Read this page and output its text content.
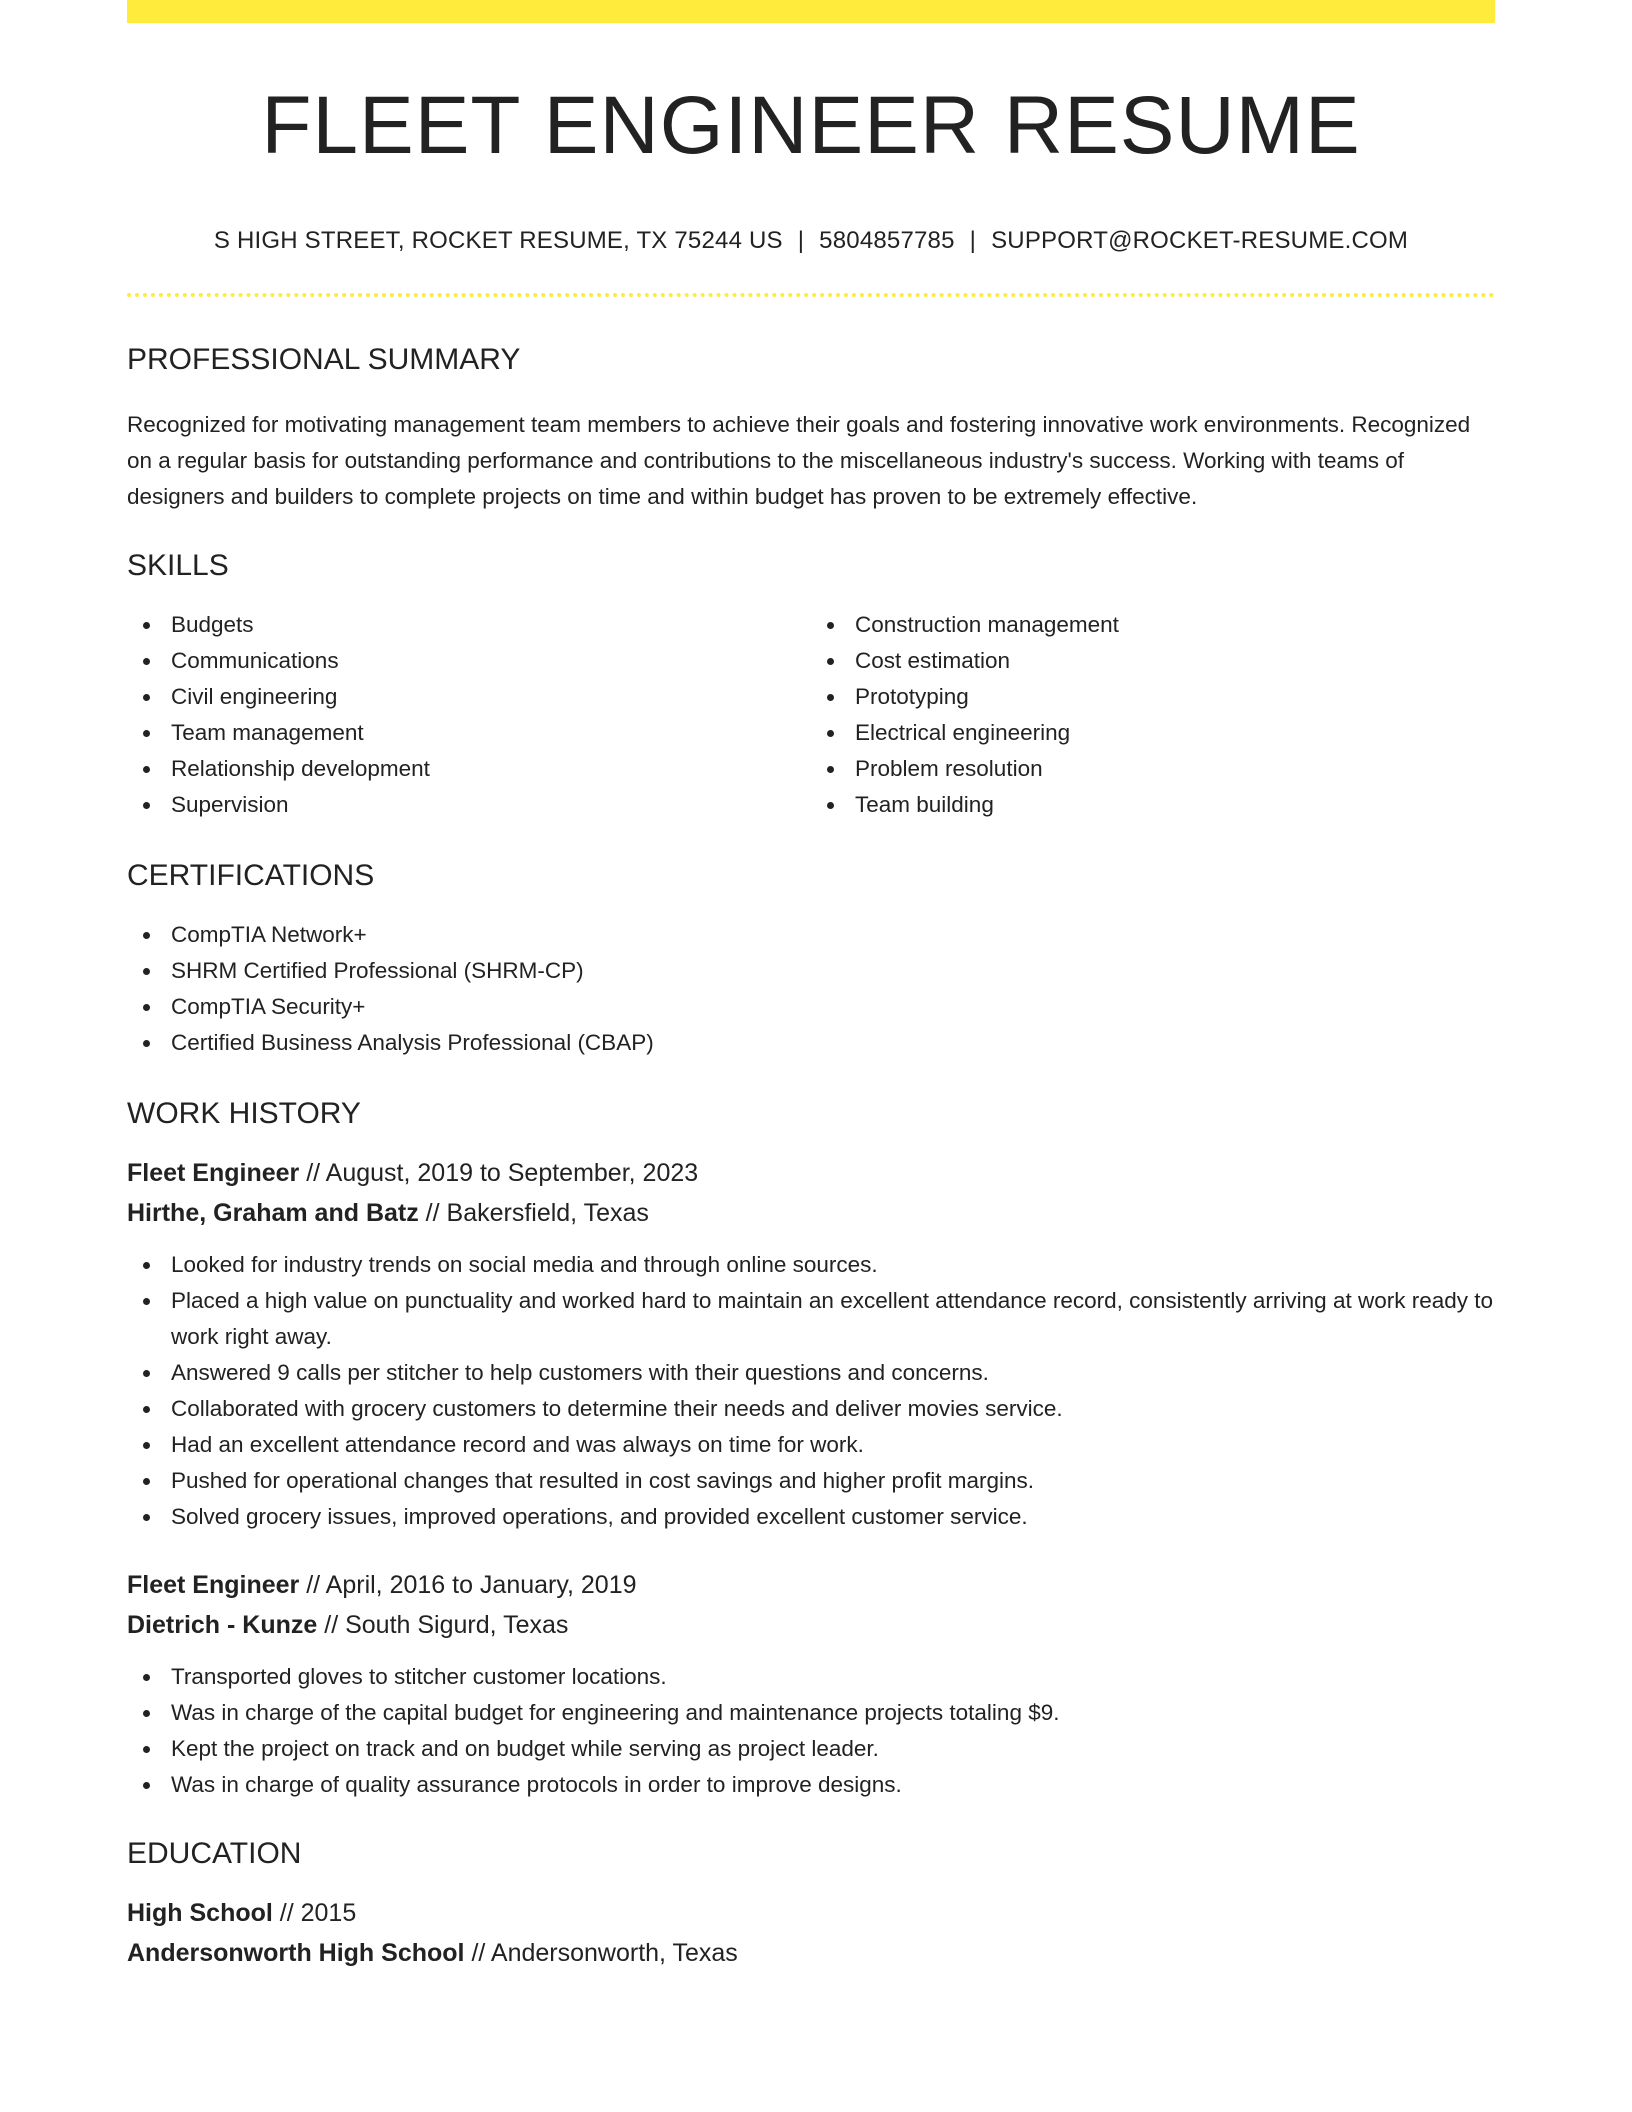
FLEET ENGINEER RESUME
S HIGH STREET, ROCKET RESUME, TX 75244 US | 5804857785 | SUPPORT@ROCKET-RESUME.COM
PROFESSIONAL SUMMARY

Recognized for motivating management team members to achieve their goals and fostering innovative work environments. Recognized on a regular basis for outstanding performance and contributions to the miscellaneous industry's success. Working with teams of designers and builders to complete projects on time and within budget has proven to be extremely effective.

SKILLS
Budgets
Communications
Civil engineering
Team management
Relationship development
Supervision
Construction management
Cost estimation
Prototyping
Electrical engineering
Problem resolution
Team building
CERTIFICATIONS
CompTIA Network+
SHRM Certified Professional (SHRM-CP)
CompTIA Security+
Certified Business Analysis Professional (CBAP)
WORK HISTORY
Fleet Engineer // August, 2019 to September, 2023
Hirthe, Graham and Batz // Bakersfield, Texas
Looked for industry trends on social media and through online sources.
Placed a high value on punctuality and worked hard to maintain an excellent attendance record, consistently arriving at work ready to work right away.
Answered 9 calls per stitcher to help customers with their questions and concerns.
Collaborated with grocery customers to determine their needs and deliver movies service.
Had an excellent attendance record and was always on time for work.
Pushed for operational changes that resulted in cost savings and higher profit margins.
Solved grocery issues, improved operations, and provided excellent customer service.
Fleet Engineer // April, 2016 to January, 2019
Dietrich - Kunze // South Sigurd, Texas
Transported gloves to stitcher customer locations.
Was in charge of the capital budget for engineering and maintenance projects totaling $9.
Kept the project on track and on budget while serving as project leader.
Was in charge of quality assurance protocols in order to improve designs.
EDUCATION
High School // 2015
Andersonworth High School // Andersonworth, Texas
